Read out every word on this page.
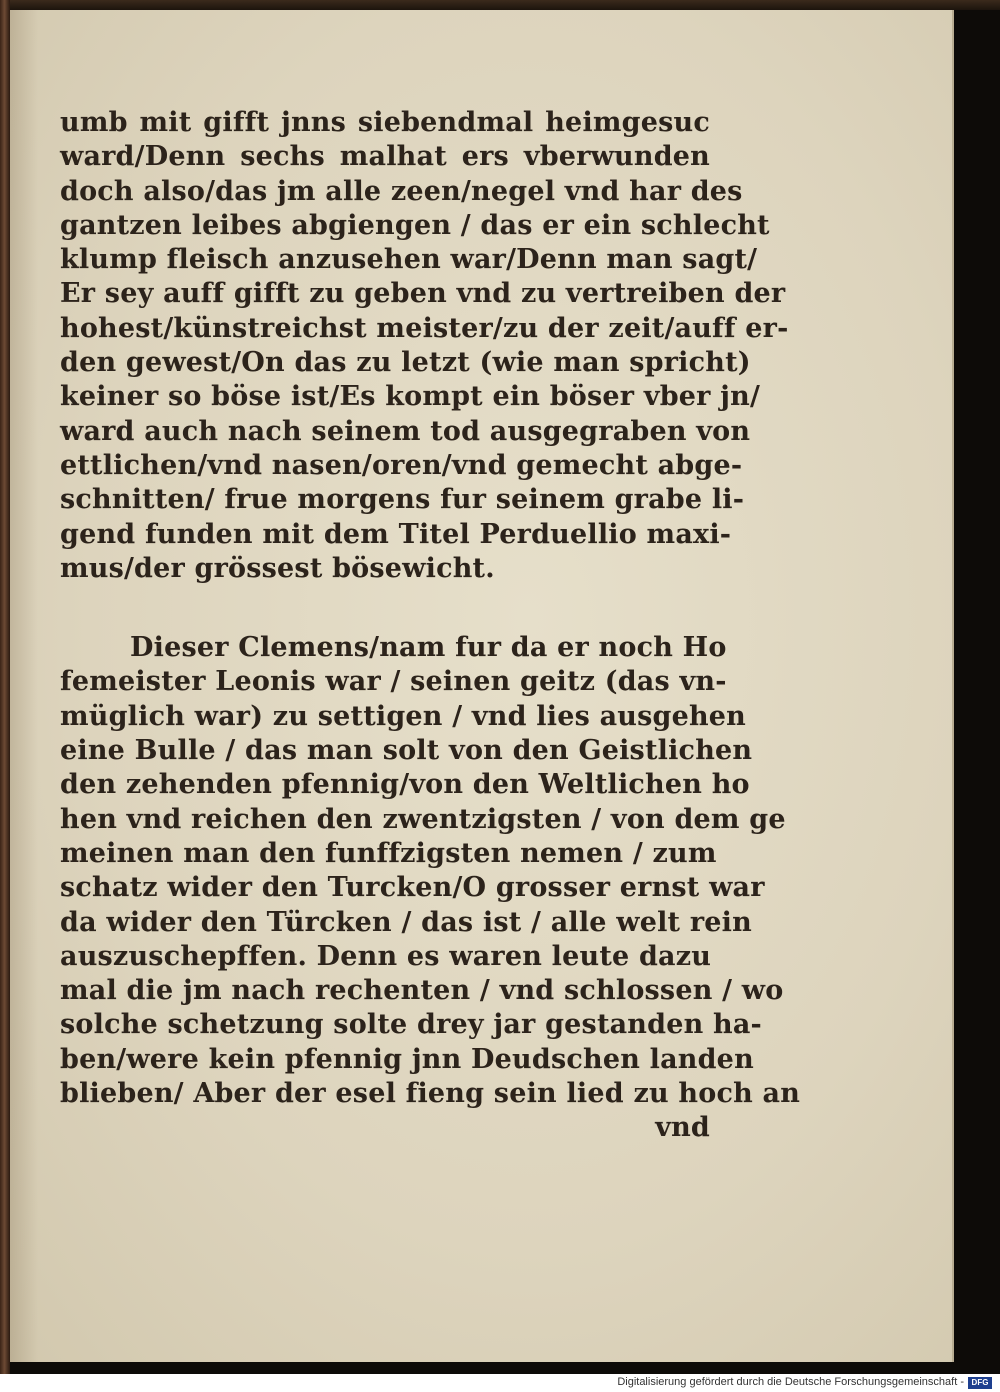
umb mit gifft jnns siebendmal heimgesuc
ward/Denn sechs malhat ers vberwunden
doch also/das jm alle zeen/negel vnd har des
gantzen leibes abgiengen / das er ein schlecht
klump fleisch anzusehen war/Denn man sagt/
Er sey auff gifft zu geben vnd zu vertreiben der
hohest/künstreichst meister/zu der zeit/auff er-
den gewest/On das zu letzt (wie man spricht)
keiner so böse ist/Es kompt ein böser vber jn/
ward auch nach seinem tod ausgegraben von
ettlichen/vnd nasen/oren/vnd gemecht abge-
schnitten/ frue morgens fur seinem grabe li-
gend funden mit dem Titel Perduellio maxi-
mus/der grössest bösewicht.
Dieser Clemens/nam fur da er noch Ho
femeister Leonis war / seinen geitz (das vn-
müglich war) zu settigen / vnd lies ausgehen
eine Bulle / das man solt von den Geistlichen
den zehenden pfennig/von den Weltlichen ho
hen vnd reichen den zwentzigsten / von dem ge
meinen man den funffzigsten nemen / zum
schatz wider den Turcken/O grosser ernst war
da wider den Türcken / das ist / alle welt rein
auszuschepffen. Denn es waren leute dazu
mal die jm nach rechenten / vnd schlossen / wo
solche schetzung solte drey jar gestanden ha-
ben/were kein pfennig jnn Deudschen landen
blieben/ Aber der esel fieng sein lied zu hoch an
vnd
Digitalisierung gefördert durch die Deutsche Forschungsgemeinschaft - DFG
